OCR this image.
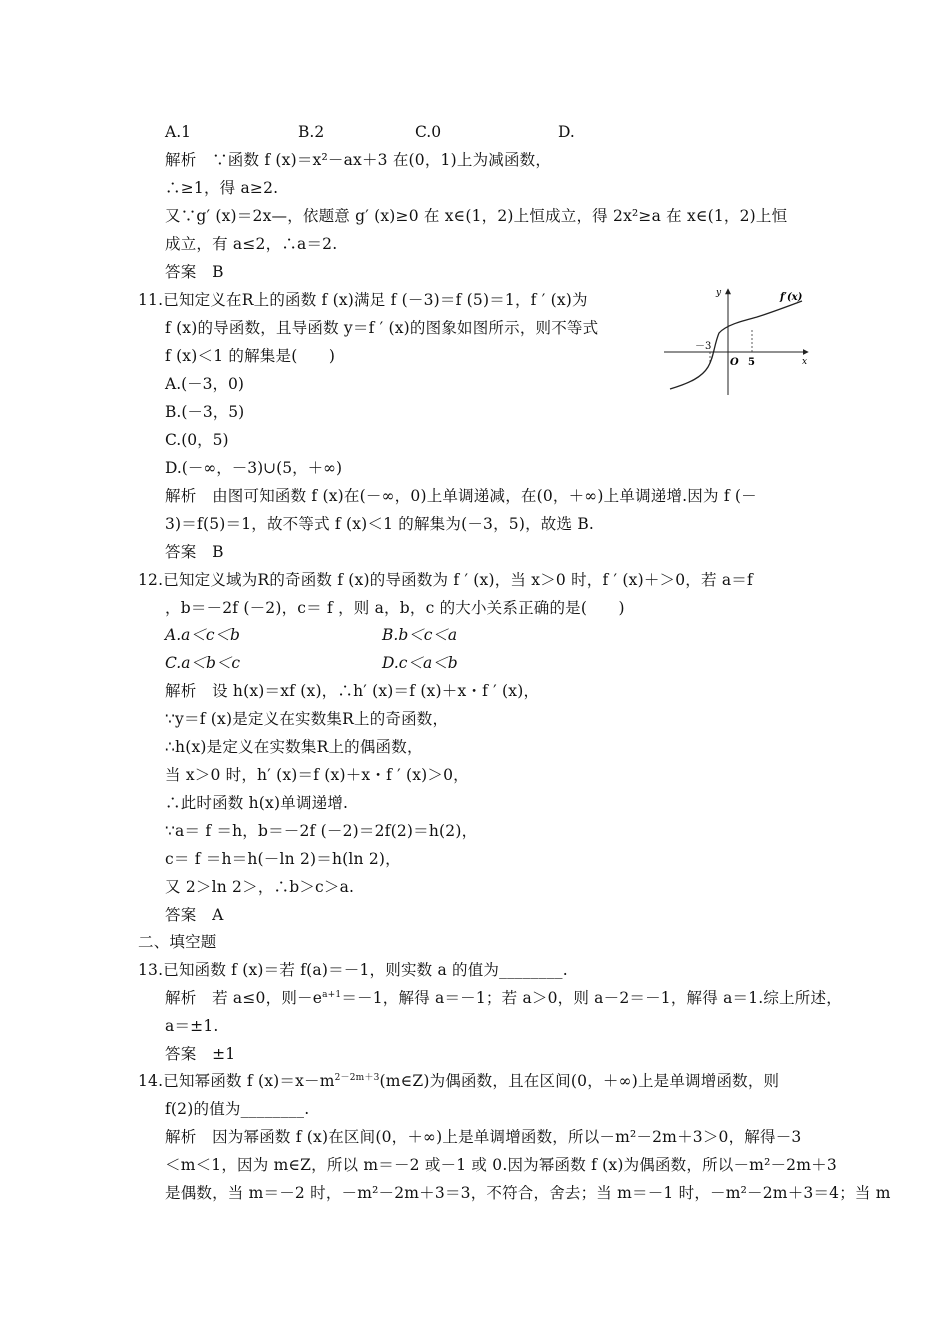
A.1	B.2	C.0	D.
解析　∵函数 f (x)＝x²－ax＋3 在(0，1)上为减函数，
∴≥1，得 a≥2.
又∵g′ (x)＝2x—，依题意 g′ (x)≥0 在 x∈(1，2)上恒成立，得 2x²≥a 在 x∈(1，2)上恒
成立，有 a≤2，∴a＝2.
答案　B
11.已知定义在R上的函数 f (x)满足 f (－3)＝f (5)＝1，f ′ (x)为
f (x)的导函数，且导函数 y＝f ′ (x)的图象如图所示，则不等式
f (x)＜1 的解集是(　　)
y
x
f′(x)
－3
O 5
A.(－3，0)
B.(－3，5)
C.(0，5)
D.(－∞，－3)∪(5，＋∞)
解析　由图可知函数 f (x)在(－∞，0)上单调递减，在(0，＋∞)上单调递增.因为 f (－
3)＝f(5)＝1，故不等式 f (x)＜1 的解集为(－3，5)，故选 B.
答案　B
12.已知定义域为R的奇函数 f (x)的导函数为 f ′ (x)，当 x＞0 时，f ′ (x)＋＞0，若 a＝f
，b＝－2f (－2)，c＝ f ，则 a，b，c 的大小关系正确的是(　　)
A.a＜c＜b	B.b＜c＜a
C.a＜b＜c	D.c＜a＜b
解析　设 h(x)＝xf (x)，∴h′ (x)＝f (x)＋x・f ′ (x)，
∵y＝f (x)是定义在实数集R上的奇函数，
∴h(x)是定义在实数集R上的偶函数，
当 x＞0 时，h′ (x)＝f (x)＋x・f ′ (x)＞0，
∴此时函数 h(x)单调递增.
∵a＝ f ＝h，b＝－2f (－2)＝2f(2)＝h(2)，
c＝ f ＝h＝h(－ln 2)＝h(ln 2)，
又 2＞ln 2＞，∴b＞c＞a.
答案　A
二、填空题
13.已知函数 f (x)＝若 f(a)＝－1，则实数 a 的值为________.
解析　若 a≤0，则$-e^{a+1}=-1$，解得 a＝－1；若 a＞0，则 a－2＝－1，解得 a＝1.综上所述，
a＝±1.
答案　±1
14.已知幂函数 f $(x)=x-m^{2-2m+3}(m\in Z)$为偶函数，且在区间(0，＋∞)上是单调增函数，则
f(2)的值为________.
解析　因为幂函数 f (x)在区间(0，＋∞)上是单调增函数，所以－m²－2m＋3＞0，解得－3
＜m＜1，因为 m∈Z，所以 m＝－2 或－1 或 0.因为幂函数 f (x)为偶函数，所以－m²－2m＋3
是偶数，当 m＝－2 时，－m²－2m＋3＝3，不符合，舍去；当 m＝－1 时，－m²－2m＋3＝4；当 m
